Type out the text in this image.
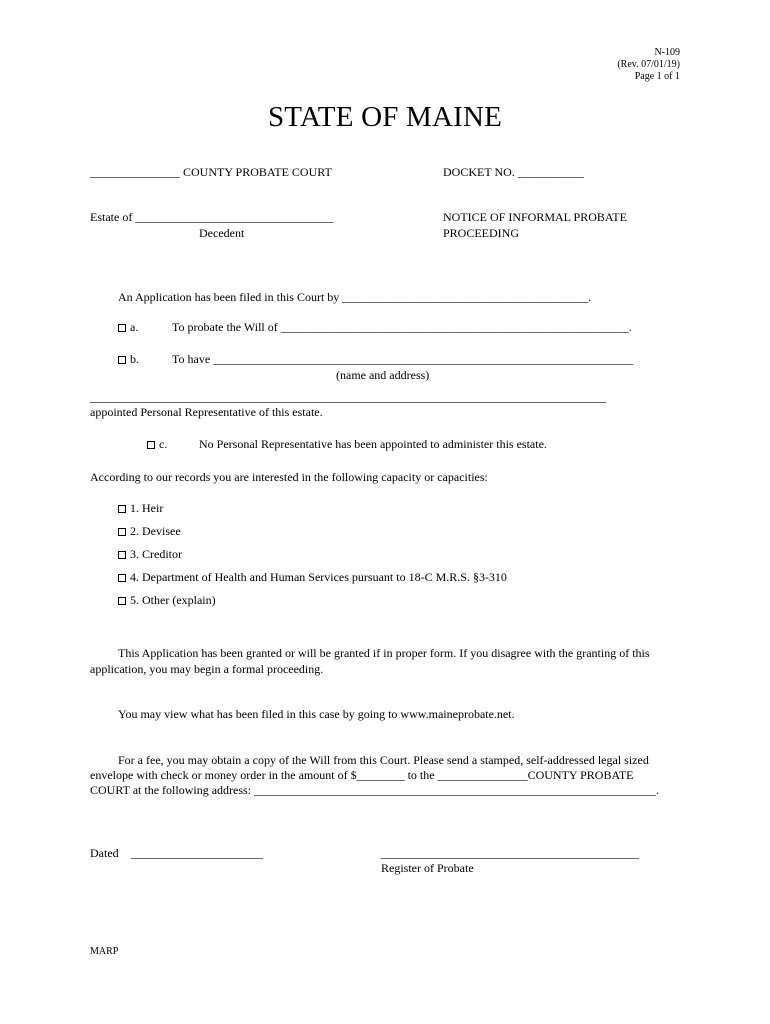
N-109
(Rev. 07/01/19)
Page 1 of 1
STATE OF MAINE
_______________ COUNTY PROBATE COURT	DOCKET NO. ___________
Estate of _________________________________
Decedent
NOTICE OF INFORMAL PROBATE
PROCEEDING
An Application has been filed in this Court by _________________________________________.
a.	To probate the Will of __________________________________________________________.
b.	To have ______________________________________________________________________
(name and address)
______________________________________________________________________________________
appointed Personal Representative of this estate.
c.	No Personal Representative has been appointed to administer this estate.
According to our records you are interested in the following capacity or capacities:
1. Heir
2. Devisee
3. Creditor
4. Department of Health and Human Services pursuant to 18-C M.R.S. §3-310
5. Other (explain)
This Application has been granted or will be granted if in proper form. If you disagree with the granting of this
application, you may begin a formal proceeding.
You may view what has been filed in this case by going to www.maineprobate.net.
For a fee, you may obtain a copy of the Will from this Court. Please send a stamped, self-addressed legal sized
envelope with check or money order in the amount of $________ to the _______________COUNTY PROBATE
COURT at the following address: ___________________________________________________________________.
Dated ______________________	___________________________________________
Register of Probate
MARP
